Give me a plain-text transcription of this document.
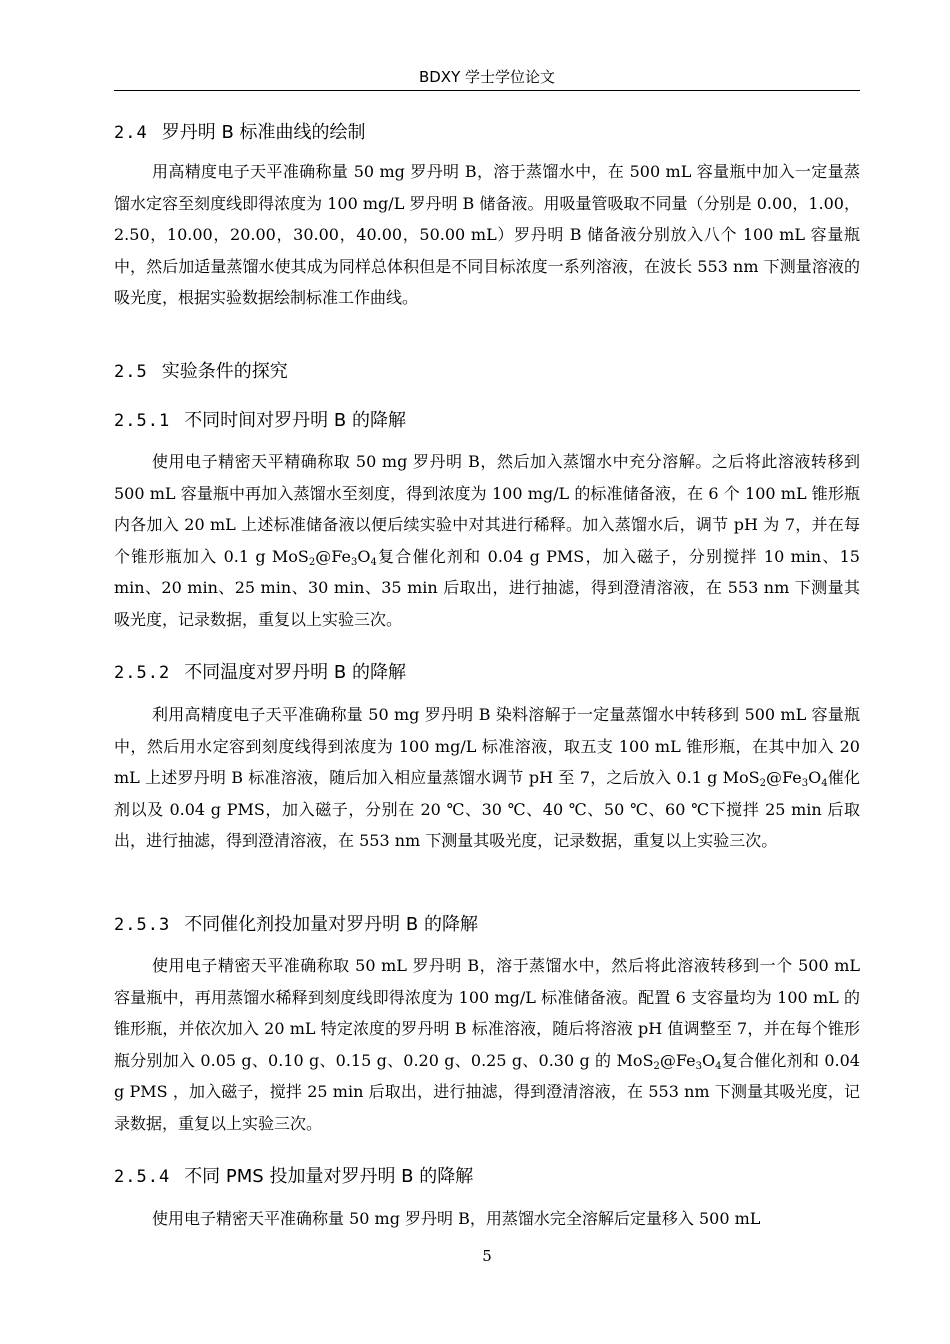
BDXY 学士学位论文
2.4 罗丹明 B 标准曲线的绘制

用高精度电子天平准确称量 50 mg 罗丹明 B，溶于蒸馏水中，在 500 mL 容量瓶中加入一定量蒸馏水定容至刻度线即得浓度为 100 mg/L 罗丹明 B 储备液。用吸量管吸取不同量（分别是 0.00，1.00，2.50，10.00，20.00，30.00，40.00，50.00 mL）罗丹明 B 储备液分别放入八个 100 mL 容量瓶中，然后加适量蒸馏水使其成为同样总体积但是不同目标浓度一系列溶液，在波长 553 nm 下测量溶液的吸光度，根据实验数据绘制标准工作曲线。

2.5 实验条件的探究
2.5.1 不同时间对罗丹明 B 的降解

使用电子精密天平精确称取 50 mg 罗丹明 B，然后加入蒸馏水中充分溶解。之后将此溶液转移到 500 mL 容量瓶中再加入蒸馏水至刻度，得到浓度为 100 mg/L 的标准储备液，在 6 个 100 mL 锥形瓶内各加入 20 mL 上述标准储备液以便后续实验中对其进行稀释。加入蒸馏水后，调节 pH 为 7，并在每个锥形瓶加入 0.1 g $MoS_2@Fe_3O_4$复合催化剂和 0.04 g PMS，加入磁子，分别搅拌 10 min、15 min、20 min、25 min、30 min、35 min 后取出，进行抽滤，得到澄清溶液，在 553 nm 下测量其吸光度，记录数据，重复以上实验三次。

2.5.2 不同温度对罗丹明 B 的降解

利用高精度电子天平准确称量 50 mg 罗丹明 B 染料溶解于一定量蒸馏水中转移到 500 mL 容量瓶中，然后用水定容到刻度线得到浓度为 100 mg/L 标准溶液，取五支 100 mL 锥形瓶，在其中加入 20 mL 上述罗丹明 B 标准溶液，随后加入相应量蒸馏水调节 pH 至 7，之后放入 0.1 g $MoS_2@Fe_3O_4$催化剂以及 0.04 g PMS，加入磁子，分别在 20 ℃、30 ℃、40 ℃、50 ℃、60 ℃下搅拌 25 min 后取出，进行抽滤，得到澄清溶液，在 553 nm 下测量其吸光度，记录数据，重复以上实验三次。

2.5.3 不同催化剂投加量对罗丹明 B 的降解

使用电子精密天平准确称取 50 mL 罗丹明 B，溶于蒸馏水中，然后将此溶液转移到一个 500 mL 容量瓶中，再用蒸馏水稀释到刻度线即得浓度为 100 mg/L 标准储备液。配置 6 支容量均为 100 mL 的锥形瓶，并依次加入 20 mL 特定浓度的罗丹明 B 标准溶液，随后将溶液 pH 值调整至 7，并在每个锥形瓶分别加入 0.05 g、0.10 g、0.15 g、0.20 g、0.25 g、0.30 g 的 $MoS_2@Fe_3O_4$复合催化剂和 0.04 g PMS ，加入磁子，搅拌 25 min 后取出，进行抽滤，得到澄清溶液，在 553 nm 下测量其吸光度，记录数据，重复以上实验三次。

2.5.4 不同 PMS 投加量对罗丹明 B 的降解

使用电子精密天平准确称量 50 mg 罗丹明 B，用蒸馏水完全溶解后定量移入 500 mL

5
